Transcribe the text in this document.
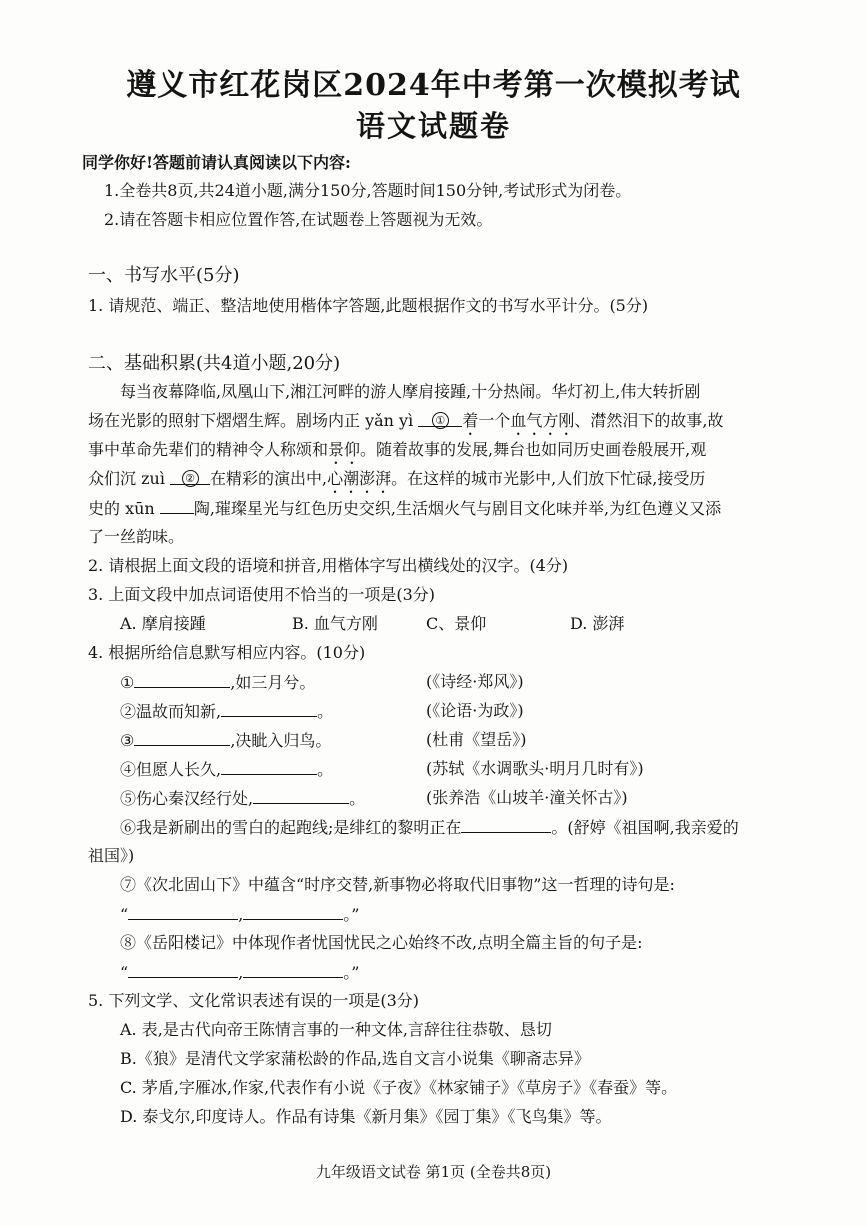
遵义市红花岗区2024年中考第一次模拟考试
语文试题卷
同学你好!答题前请认真阅读以下内容:
1.全卷共8页,共24道小题,满分150分,答题时间150分钟,考试形式为闭卷。
2.请在答题卡相应位置作答,在试题卷上答题视为无效。
一、书写水平(5分)
1. 请规范、端正、整洁地使用楷体字答题,此题根据作文的书写水平计分。(5分)
二、基础积累(共4道小题,20分)
每当夜幕降临,凤凰山下,湘江河畔的游人摩肩接踵,十分热闹。华灯初上,伟大转折剧
场在光影的照射下熠熠生辉。剧场内正 yǎn yì ① 着一个血气方刚、潸然泪下的故事,故
事中革命先辈们的精神令人称颂和景仰。随着故事的发展,舞台也如同历史画卷般展开,观
众们沉 zuì ② 在精彩的演出中,心潮澎湃。在这样的城市光影中,人们放下忙碌,接受历
史的 xūn 陶,璀璨星光与红色历史交织,生活烟火气与剧目文化味并举,为红色遵义又添
了一丝韵味。
2. 请根据上面文段的语境和拼音,用楷体字写出横线处的汉字。(4分)
3. 上面文段中加点词语使用不恰当的一项是(3分)
A. 摩肩接踵	B. 血气方刚	C、景仰	D. 澎湃
4. 根据所给信息默写相应内容。(10分)
①	,如三月兮。	(《诗经·郑风》)
②温故而知新,	。	(《论语·为政》)
③	,决眦入归鸟。	(杜甫《望岳》)
④但愿人长久,	。	(苏轼《水调歌头·明月几时有》)
⑤伤心秦汉经行处,	。	(张养浩《山坡羊·潼关怀古》)
⑥我是新刷出的雪白的起跑线;是绯红的黎明正在	。(舒婷《祖国啊,我亲爱的
祖国》)
⑦《次北固山下》中蕴含“时序交替,新事物必将取代旧事物”这一哲理的诗句是:
“	,	。”
⑧《岳阳楼记》中体现作者忧国忧民之心始终不改,点明全篇主旨的句子是:
“	,	。”
5. 下列文学、文化常识表述有误的一项是(3分)
A. 表,是古代向帝王陈情言事的一种文体,言辞往往恭敬、恳切
B.《狼》是清代文学家蒲松龄的作品,选自文言小说集《聊斋志异》
C. 茅盾,字雁冰,作家,代表作有小说《子夜》《林家铺子》《草房子》《春蚕》等。
D. 泰戈尔,印度诗人。作品有诗集《新月集》《园丁集》《飞鸟集》等。
九年级语文试卷 第1页 (全卷共8页)
